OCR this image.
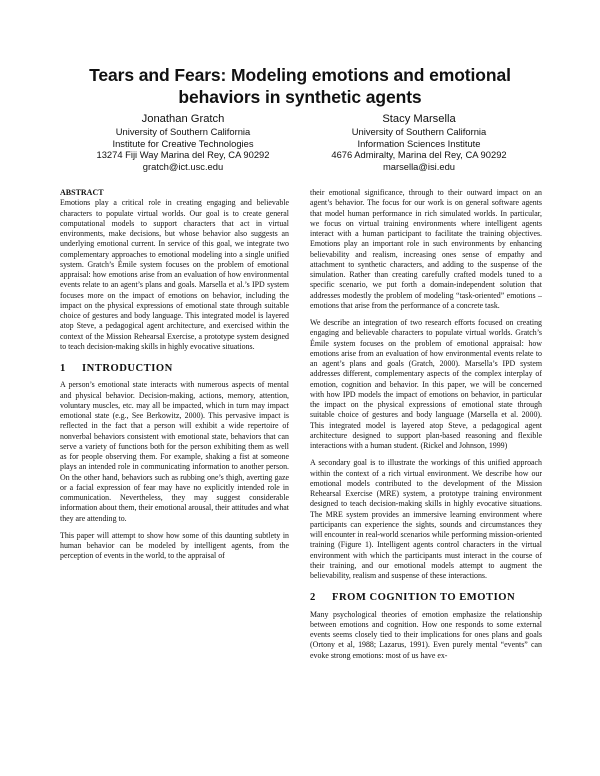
Tears and Fears: Modeling emotions and emotional
behaviors in synthetic agents
Jonathan Gratch
University of Southern California
Institute for Creative Technologies
13274 Fiji Way Marina del Rey, CA 90292
gratch@ict.usc.edu
Stacy Marsella
University of Southern California
Information Sciences Institute
4676 Admiralty, Marina del Rey, CA 90292
marsella@isi.edu

ABSTRACT
Emotions play a critical role in creating engaging and believable characters to populate virtual worlds. Our goal is to create general computational models to support characters that act in virtual environments, make decisions, but whose behavior also suggests an underlying emotional current. In service of this goal, we integrate two complementary approaches to emotional modeling into a single unified system. Gratch’s Émile system focuses on the problem of emotional appraisal: how emotions arise from an evaluation of how environmental events relate to an agent’s plans and goals. Marsella et al.’s IPD system focuses more on the impact of emotions on behavior, including the impact on the physical expressions of emotional state through suitable choice of gestures and body language. This integrated model is layered atop Steve, a pedagogical agent architecture, and exercised within the context of the Mission Rehearsal Exercise, a prototype system designed to teach decision-making skills in highly evocative situations.

1 INTRODUCTION

A person’s emotional state interacts with numerous aspects of mental and physical behavior. Decision-making, actions, memory, attention, voluntary muscles, etc. may all be impacted, which in turn may impact emotional state (e.g., See Berkowitz, 2000). This pervasive impact is reflected in the fact that a person will exhibit a wide repertoire of nonverbal behaviors consistent with emotional state, behaviors that can serve a variety of functions both for the person exhibiting them as well as for people observing them. For example, shaking a fist at someone plays an intended role in communicating information to another person. On the other hand, behaviors such as rubbing one’s thigh, averting gaze or a facial expression of fear may have no explicitly intended role in communication. Nevertheless, they may suggest considerable information about them, their emotional arousal, their attitudes and what they are attending to.

This paper will attempt to show how some of this daunting subtlety in human behavior can be modeled by intelligent agents, from the perception of events in the world, to the appraisal of

their emotional significance, through to their outward impact on an agent’s behavior. The focus for our work is on general software agents that model human performance in rich simulated worlds. In particular, we focus on virtual training environments where intelligent agents interact with a human participant to facilitate the training objectives. Emotions play an important role in such environments by enhancing believability and realism, increasing ones sense of empathy and attachment to synthetic characters, and adding to the suspense of the simulation. Rather than creating carefully crafted models tuned to a specific scenario, we put forth a domain-independent solution that addresses modestly the problem of modeling “task-oriented” emotions – emotions that arise from the performance of a concrete task.

We describe an integration of two research efforts focused on creating engaging and believable characters to populate virtual worlds. Gratch’s Émile system focuses on the problem of emotional appraisal: how emotions arise from an evaluation of how environmental events relate to an agent’s plans and goals (Gratch, 2000). Marsella’s IPD system addresses different, complementary aspects of the complex interplay of emotion, cognition and behavior. In this paper, we will be concerned with how IPD models the impact of emotions on behavior, in particular the impact on the physical expressions of emotional state through suitable choice of gestures and body language (Marsella et al. 2000). This integrated model is layered atop Steve, a pedagogical agent architecture designed to support plan-based reasoning and flexible interactions with a human student. (Rickel and Johnson, 1999)

A secondary goal is to illustrate the workings of this unified approach within the context of a rich virtual environment. We describe how our emotional models contributed to the development of the Mission Rehearsal Exercise (MRE) system, a prototype training environment designed to teach decision-making skills in highly evocative situations. The MRE system provides an immersive learning environment where participants can experience the sights, sounds and circumstances they will encounter in real-world scenarios while performing mission-oriented training (Figure 1). Intelligent agents control characters in the virtual environment with which the participants must interact in the course of their training, and our emotional models attempt to augment the believability, realism and suspense of these interactions.

2 FROM COGNITION TO EMOTION

Many psychological theories of emotion emphasize the relationship between emotions and cognition. How one responds to some external events seems closely tied to their implications for ones plans and goals (Ortony et al, 1988; Lazarus, 1991). Even purely mental “events” can evoke strong emotions: most of us have ex-
